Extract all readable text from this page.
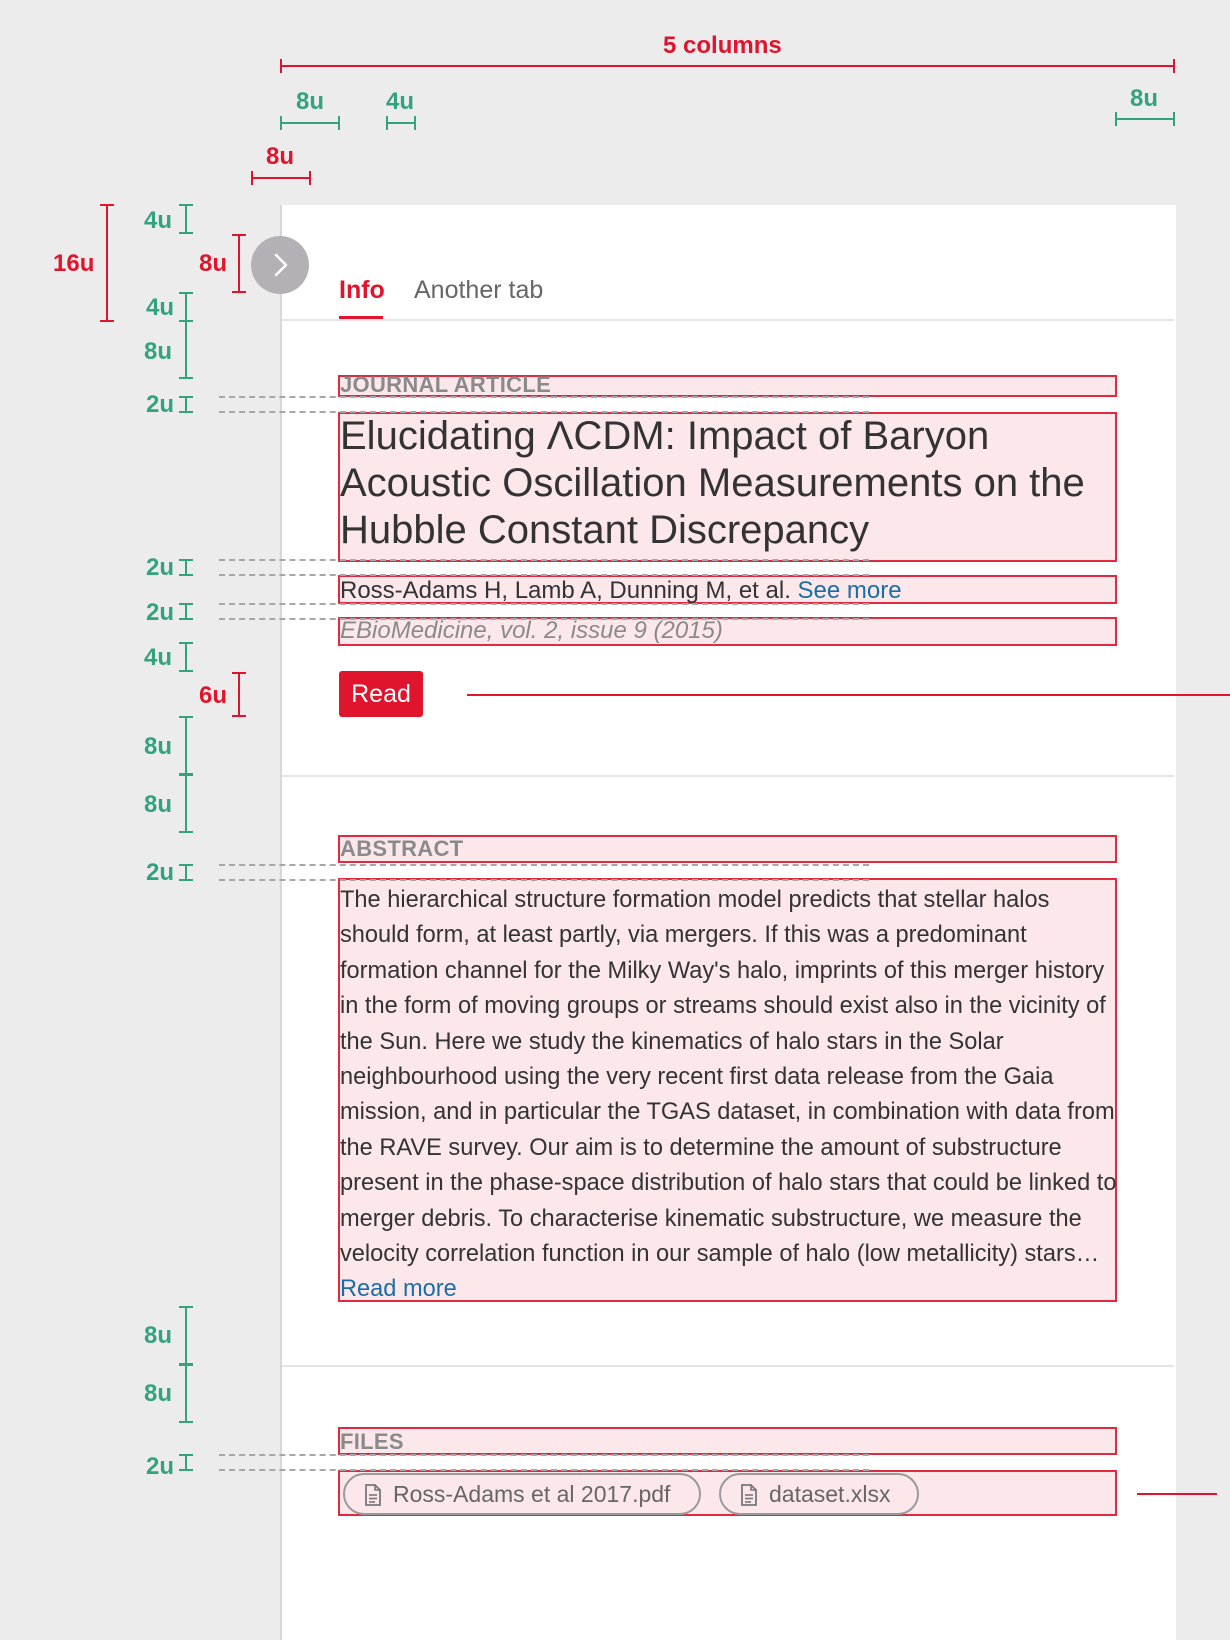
5 columns
8u	4u	8u
8u
Info Another tab
JOURNAL ARTICLE
Elucidating ΛCDM: Impact of Baryon Acoustic Oscillation Measurements on the Hubble Constant Discrepancy
Ross-Adams H, Lamb A, Dunning M, et al. See more
EBioMedicine, vol. 2, issue 9 (2015)
Read
ABSTRACT
The hierarchical structure formation model predicts that stellar halos should form, at least partly, via mergers. If this was a predominant formation channel for the Milky Way's halo, imprints of this merger history in the form of moving groups or streams should exist also in the vicinity of the Sun. Here we study the kinematics of halo stars in the Solar neighbourhood using the very recent first data release from the Gaia mission, and in particular the TGAS dataset, in combination with data from the RAVE survey. Our aim is to determine the amount of substructure present in the phase-space distribution of halo stars that could be linked to merger debris. To characterise kinematic substructure, we measure the velocity correlation function in our sample of halo (low metallicity) stars… Read more
FILES
Ross-Adams et al 2017.pdf	dataset.xlsx
16u
4u
8u
4u
8u
2u
2u
2u
4u
6u
8u
8u
2u
8u
8u
2u
